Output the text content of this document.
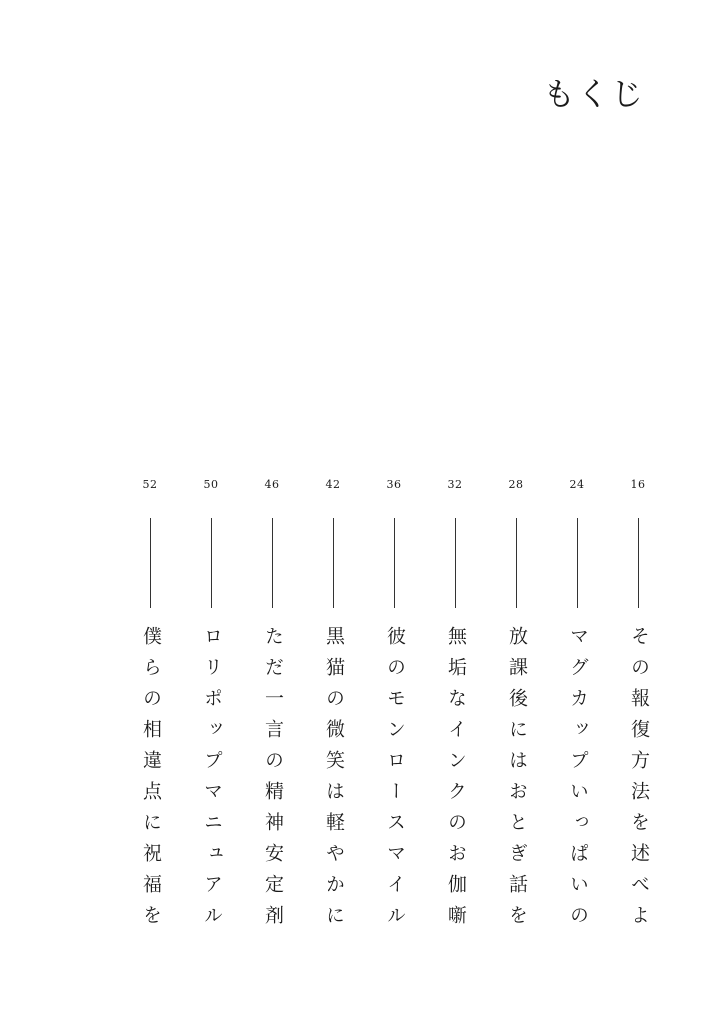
もくじ
16
その報復方法を述べよ
24
マグカップいっぱいの
28
放課後にはおとぎ話を
32
無垢なインクのお伽噺
36
彼のモンロースマイル
42
黒猫の微笑は軽やかに
46
ただ一言の精神安定剤
50
ロリポップマニュアル
52
僕らの相違点に祝福を
